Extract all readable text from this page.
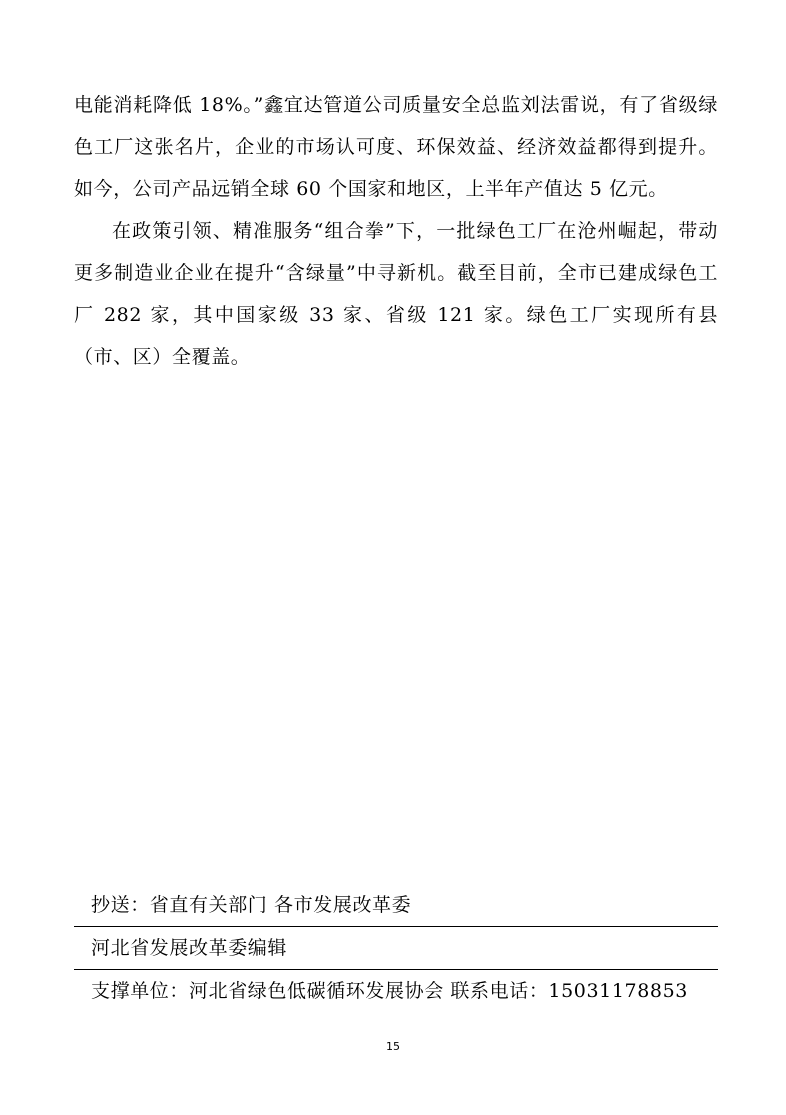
电能消耗降低 18%。”鑫宜达管道公司质量安全总监刘法雷说，有了省级绿色工厂这张名片，企业的市场认可度、环保效益、经济效益都得到提升。如今，公司产品远销全球 60 个国家和地区，上半年产值达 5 亿元。

在政策引领、精准服务“组合拳”下，一批绿色工厂在沧州崛起，带动更多制造业企业在提升“含绿量”中寻新机。截至目前，全市已建成绿色工厂 282 家，其中国家级 33 家、省级 121 家。绿色工厂实现所有县（市、区）全覆盖。

抄送：省直有关部门 各市发展改革委
河北省发展改革委编辑
支撑单位：河北省绿色低碳循环发展协会 联系电话：15031178853
15
